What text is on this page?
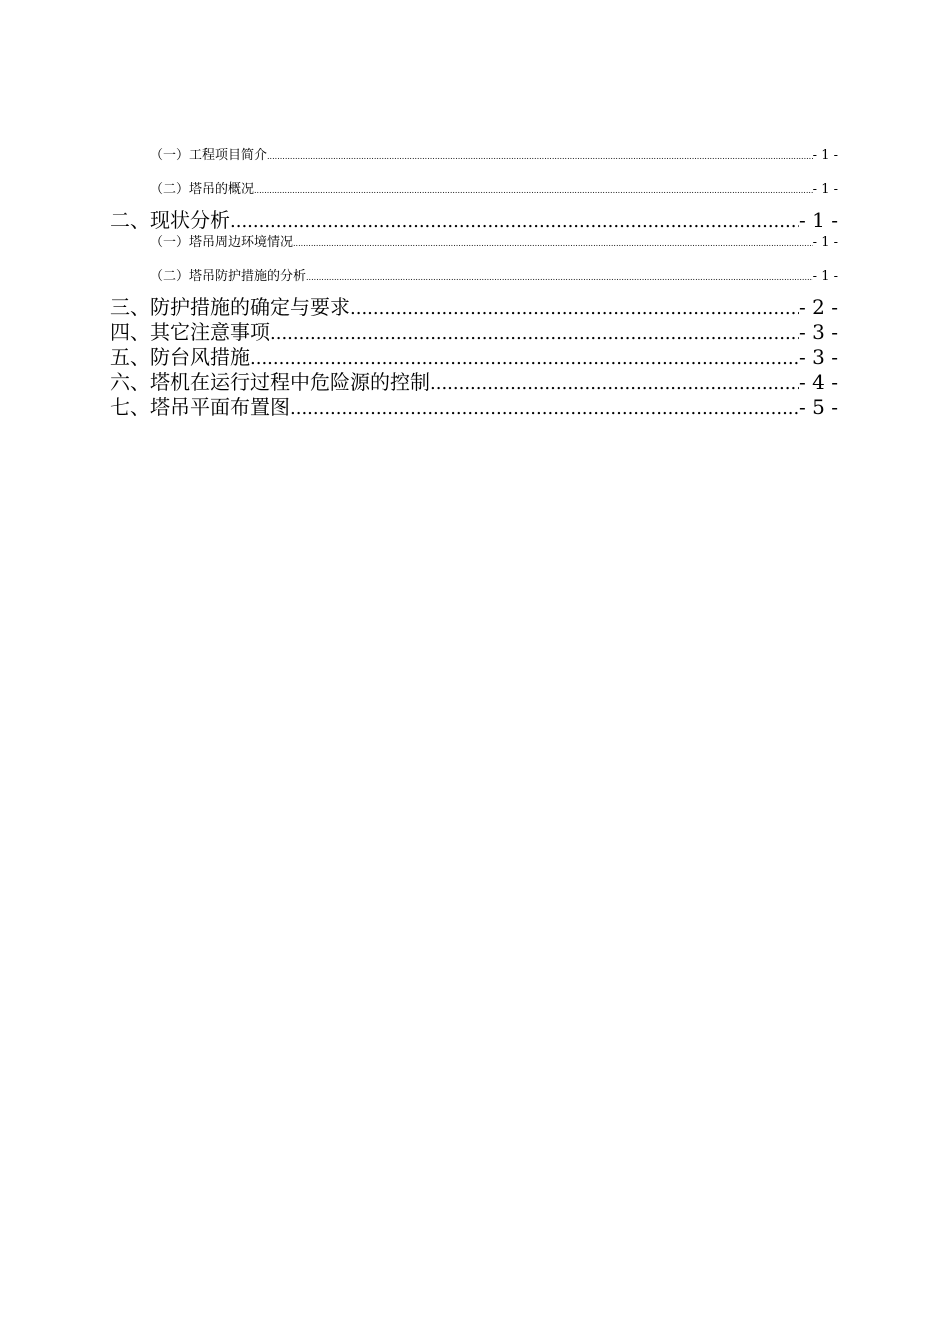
（一）工程项目简介 .....	- 1 -
（二）塔吊的概况 .....	- 1 -
二、现状分析 .....	- 1 -
（一）塔吊周边环境情况 .....	- 1 -
（二）塔吊防护措施的分析 .....	- 1 -
三、防护措施的确定与要求 .....	- 2 -
四、其它注意事项 .....	- 3 -
五、防台风措施 .....	- 3 -
六、塔机在运行过程中危险源的控制 .....	- 4 -
七、塔吊平面布置图 .....	- 5 -
